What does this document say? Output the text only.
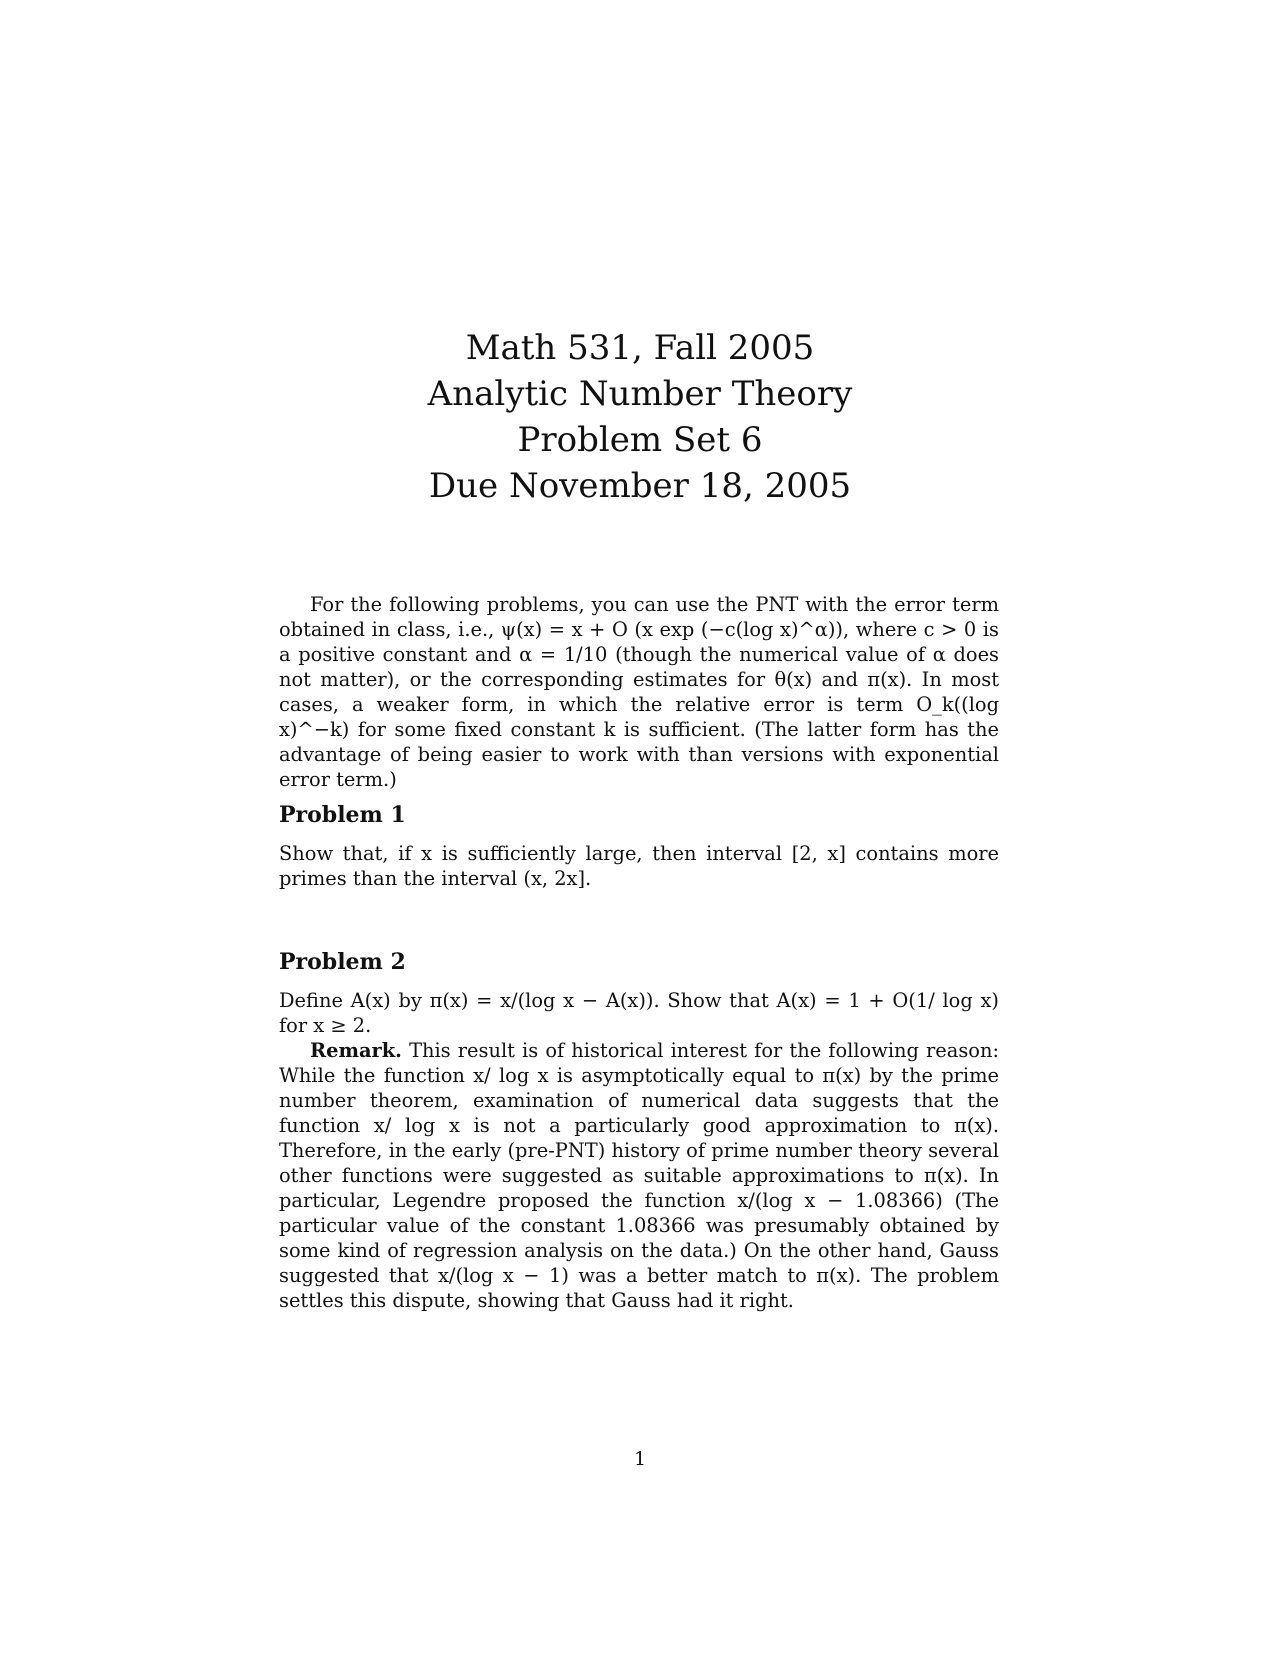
Math 531, Fall 2005
Analytic Number Theory
Problem Set 6
Due November 18, 2005

For the following problems, you can use the PNT with the error term obtained in class, i.e., ψ(x) = x + O (x exp (−c(log x)^α)), where c > 0 is a positive constant and α = 1/10 (though the numerical value of α does not matter), or the corresponding estimates for θ(x) and π(x). In most cases, a weaker form, in which the relative error is term O_k((log x)^−k) for some fixed constant k is sufficient. (The latter form has the advantage of being easier to work with than versions with exponential error term.)

Problem 1

Show that, if x is sufficiently large, then interval [2, x] contains more primes than the interval (x, 2x].

Problem 2

Define A(x) by π(x) = x/(log x − A(x)). Show that A(x) = 1 + O(1/ log x) for x ≥ 2.

Remark. This result is of historical interest for the following reason: While the function x/ log x is asymptotically equal to π(x) by the prime number theorem, examination of numerical data suggests that the function x/ log x is not a particularly good approximation to π(x). Therefore, in the early (pre-PNT) history of prime number theory several other functions were suggested as suitable approximations to π(x). In particular, Legendre proposed the function x/(log x − 1.08366) (The particular value of the constant 1.08366 was presumably obtained by some kind of regression analysis on the data.) On the other hand, Gauss suggested that x/(log x − 1) was a better match to π(x). The problem settles this dispute, showing that Gauss had it right.

1
